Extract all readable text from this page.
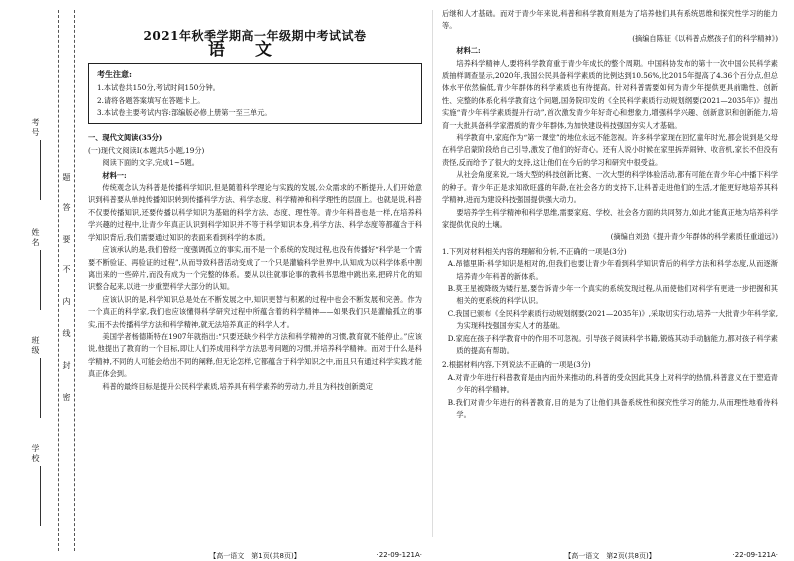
考号
姓名
班级
学校
题
答
要
不
内
线
封
密
2021年秋季学期高一年级期中考试试卷
语文
考生注意:
1.本试卷共150分,考试时间150分钟。
2.请将各题答案填写在答题卡上。
3.本试卷主要考试内容:部编版必修上册第一至三单元。
一、现代文阅读(35分)
(一)现代文阅读Ⅰ(本题共5小题,19分)
阅读下面的文字,完成1~5题。
材料一:

传统观念认为科普是传播科学知识,但是随着科学理论与实践的发展,公众需求的不断提升,人们开始意识到科普要从单纯传播知识转到传播科学方法、科学态度、科学精神和科学理性的层面上。也就是说,科普不仅要传播知识,还要传播以科学知识为基础的科学方法、态度、理性等。青少年科普也是一样,在培养科学兴趣的过程中,让青少年真正认识到科学知识并不等于科学知识本身,科学方法、科学态度等都蕴含于科学知识背后,我们需要通过知识的表面来看到科学的本质。

应该承认的是,我们曾经一度强调孤立的事实,而不是一个系统的发现过程,也没有传播好“科学是一个需要不断验证、再验证的过程”,从而导致科普活动变成了一个只是灌输科学世界中,认知成为以科学体系中割离出来的一些碎片,而没有成为一个完整的体系。要从以往就事论事的教科书思维中跳出来,把碎片化的知识整合起来,以进一步重塑科学大部分的认知。

应该认识的是,科学知识总是处在不断发展之中,知识更替与积累的过程中也会不断发展和完善。作为一个真正的科学家,我们也应该懂得科学研究过程中所蕴含着的科学精神——如果我们只是灌输孤立的事实,而不去传播科学方法和科学精神,就无法培养真正的科学人才。

美国学者杨德斯特在1907年就指出:“只要还缺少科学方法和科学精神的习惯,教育就不能停止。”应该说,他提出了教育的一个目标,即让人们养成用科学方法思考问题的习惯,并培养科学精神。而对于什么是科学精神,不同的人可能会给出不同的阐释,但无论怎样,它都蕴含于科学知识之中,而且只有通过科学实践才能真正体会到。

科普的最终目标是提升公民科学素质,培养具有科学素养的劳动力,并且为科技创新奠定

【高一语文　第1页(共8页)】	·22-09-121A·

后继和人才基础。而对于青少年来说,科普和科学教育则是为了培养他们具有系统思维和探究性学习的能力等。

(摘编自陈征《以科普点燃孩子们的科学精神》)

材料二:

培养科学精神人,要将科学教育重于青少年成长的整个周期。中国科协发布的第十一次中国公民科学素质抽样调查显示,2020年,我国公民具备科学素质的比例达到10.56%,比2015年提高了4.36个百分点,但总体水平依然偏低,青少年群体的科学素质也有待提高。针对科普需要如何为青少年提供更具前瞻性、创新性、完整的体系化科学教育这个问题,国务院印发的《全民科学素质行动规划纲要(2021—2035年)》提出实施“青少年科学素质提升行动”,首次激发青少年好奇心和想象力,增强科学兴趣、创新意识和创新能力,培育一大批具备科学家潜质的青少年群体,为加快建设科技强国夯实人才基础。

科学教育中,家庭作为“第一课堂”的地位永远不能忽视。许多科学家现在回忆童年时光,都会说到是父母在科学启蒙阶段给自己引导,激发了他们的好奇心。还有人说小时候在家里拆弄闹钟、收音机,家长不但没有责怪,反而给予了很大的支持,这让他们在今后的学习和研究中很受益。

从社会角度来说,一场大型的科技创新比赛、一次大型的科学体验活动,都有可能在青少年心中播下科学的种子。青少年正是求知欲旺盛的年龄,在社会各方的支持下,让科普走进他们的生活,才能更好地培养其科学精神,进而为建设科技强国提供强大动力。

要培养学生科学精神和科学思维,需要家庭、学校、社会各方面的共同努力,如此才能真正地为培养科学家提供优良的土壤。

(摘编自刘劲《提升青少年群体的科学素质任重道远》)

1.下列对材料相关内容的理解和分析,不正确的一项是(3分)

A.昂德里斯·科学知识是相对的,但我们也要让青少年看到科学知识背后的科学方法和科学态度,从而逐渐培养青少年科普的新体系。

B.莫王星被降级为矮行星,要告诉青少年一个真实的系统发现过程,从而使他们对科学有更进一步把握和其相关的更系统的科学认识。

C.我国已颁布《全民科学素质行动规划纲要(2021—2035年)》,采取切实行动,培养一大批青少年科学家,为实现科技强国夯实人才的基础。

D.家庭在孩子科学教育中的作用不可忽视。引导孩子阅读科学书籍,锻炼其动手动脑能力,都对孩子科学素质的提高有帮助。

2.根据材料内容,下列说法不正确的一项是(3分)

A.对青少年进行科普教育是由内而外来推动的,科普的受众因此其身上对科学的热情,科普意义在于塑造青少年的科学精神。

B.我们对青少年进行的科普教育,目的是为了让他们具备系统性和探究性学习的能力,从而理性地看待科学。

【高一语文　第2页(共8页)】	·22-09-121A·
